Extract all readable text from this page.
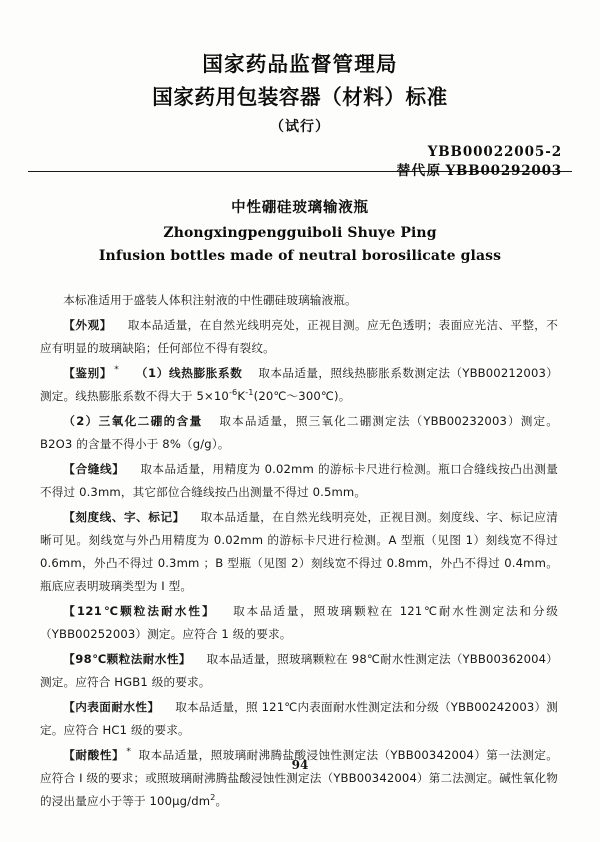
国家药品监督管理局
国家药用包装容器（材料）标准
（试行）
YBB00022005-2
替代原 YBB00292003
中性硼硅玻璃输液瓶
Zhongxingpengguiboli Shuye Ping
Infusion bottles made of neutral borosilicate glass

本标准适用于盛装人体积注射液的中性硼硅玻璃输液瓶。

【外观】 取本品适量，在自然光线明亮处，正视目测。应无色透明；表面应光洁、平整，不应有明显的玻璃缺陷；任何部位不得有裂纹。

【鉴别】 * （1）线热膨胀系数 取本品适量，照线热膨胀系数测定法（YBB00212003）测定。线热膨胀系数不得大于 $5\times 10^{-6}K^{-1}(20℃\sim 300℃)$。

（2）三氧化二硼的含量 取本品适量，照三氧化二硼测定法（YBB00232003）测定。 B2O3 的含量不得小于 8%（g/g）。

【合缝线】 取本品适量，用精度为 0.02mm 的游标卡尺进行检测。瓶口合缝线按凸出测量不得过 0.3mm，其它部位合缝线按凸出测量不得过 0.5mm。

【刻度线、字、标记】 取本品适量，在自然光线明亮处，正视目测。刻度线、字、标记应清晰可见。刻线宽与外凸用精度为 0.02mm 的游标卡尺进行检测。A 型瓶（见图 1）刻线宽不得过 0.6mm，外凸不得过 0.3mm ；B 型瓶（见图 2）刻线宽不得过 0.8mm，外凸不得过 0.4mm。瓶底应表明玻璃类型为 I 型。

【121℃颗粒法耐水性】 取本品适量，照玻璃颗粒在 121℃耐水性测定法和分级（YBB00252003）测定。应符合 1 级的要求。

【98℃颗粒法耐水性】 取本品适量，照玻璃颗粒在 98℃耐水性测定法（YBB00362004）测定。应符合 HGB1 级的要求。

【内表面耐水性】 取本品适量，照 121℃内表面耐水性测定法和分级（YBB00242003）测定。应符合 HC1 级的要求。

【耐酸性】 * 取本品适量，照玻璃耐沸腾盐酸浸蚀性测定法（YBB00342004）第一法测定。应符合 I 级的要求；或照玻璃耐沸腾盐酸浸蚀性测定法（YBB00342004）第二法测定。碱性氧化物的浸出量应小于等于 $100\mu g/dm^2$。

94
